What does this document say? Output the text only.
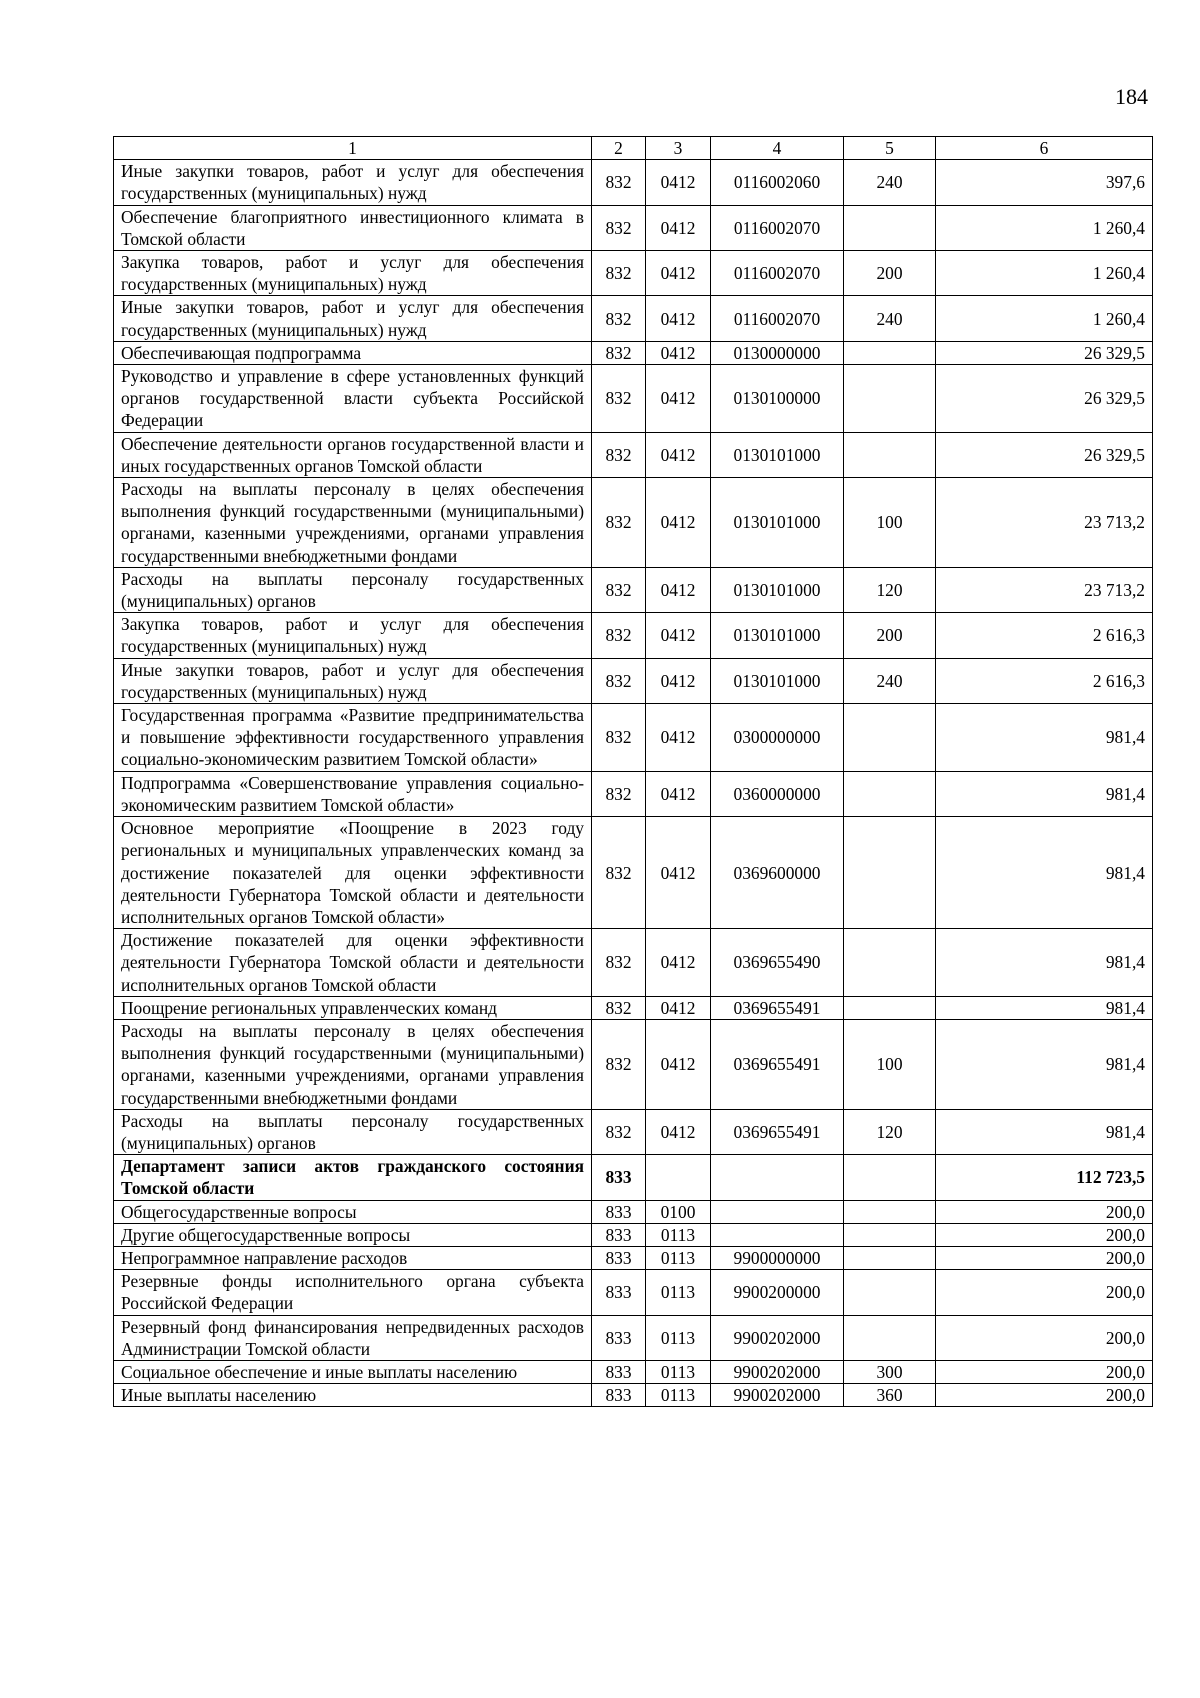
184
1	2	3	4	5	6
Иные закупки товаров, работ и услуг для обеспечения государственных (муниципальных) нужд	832	0412	0116002060	240	397,6
Обеспечение благоприятного инвестиционного климата в Томской области	832	0412	0116002070		1 260,4
Закупка товаров, работ и услуг для обеспечения государственных (муниципальных) нужд	832	0412	0116002070	200	1 260,4
Иные закупки товаров, работ и услуг для обеспечения государственных (муниципальных) нужд	832	0412	0116002070	240	1 260,4
Обеспечивающая подпрограмма	832	0412	0130000000		26 329,5
Руководство и управление в сфере установленных функций органов государственной власти субъекта Российской Федерации	832	0412	0130100000		26 329,5
Обеспечение деятельности органов государственной власти и иных государственных органов Томской области	832	0412	0130101000		26 329,5
Расходы на выплаты персоналу в целях обеспечения выполнения функций государственными (муниципальными) органами, казенными учреждениями, органами управления государственными внебюджетными фондами	832	0412	0130101000	100	23 713,2
Расходы на выплаты персоналу государственных (муниципальных) органов	832	0412	0130101000	120	23 713,2
Закупка товаров, работ и услуг для обеспечения государственных (муниципальных) нужд	832	0412	0130101000	200	2 616,3
Иные закупки товаров, работ и услуг для обеспечения государственных (муниципальных) нужд	832	0412	0130101000	240	2 616,3
Государственная программа «Развитие предпринимательства и повышение эффективности государственного управления социально-экономическим развитием Томской области»	832	0412	0300000000		981,4
Подпрограмма «Совершенствование управления социально-экономическим развитием Томской области»	832	0412	0360000000		981,4
Основное мероприятие «Поощрение в 2023 году региональных и муниципальных управленческих команд за достижение показателей для оценки эффективности деятельности Губернатора Томской области и деятельности исполнительных органов Томской области»	832	0412	0369600000		981,4
Достижение показателей для оценки эффективности деятельности Губернатора Томской области и деятельности исполнительных органов Томской области	832	0412	0369655490		981,4
Поощрение региональных управленческих команд	832	0412	0369655491		981,4
Расходы на выплаты персоналу в целях обеспечения выполнения функций государственными (муниципальными) органами, казенными учреждениями, органами управления государственными внебюджетными фондами	832	0412	0369655491	100	981,4
Расходы на выплаты персоналу государственных (муниципальных) органов	832	0412	0369655491	120	981,4
Департамент записи актов гражданского состояния Томской области	833				112 723,5
Общегосударственные вопросы	833	0100			200,0
Другие общегосударственные вопросы	833	0113			200,0
Непрограммное направление расходов	833	0113	9900000000		200,0
Резервные фонды исполнительного органа субъекта Российской Федерации	833	0113	9900200000		200,0
Резервный фонд финансирования непредвиденных расходов Администрации Томской области	833	0113	9900202000		200,0
Социальное обеспечение и иные выплаты населению	833	0113	9900202000	300	200,0
Иные выплаты населению	833	0113	9900202000	360	200,0
